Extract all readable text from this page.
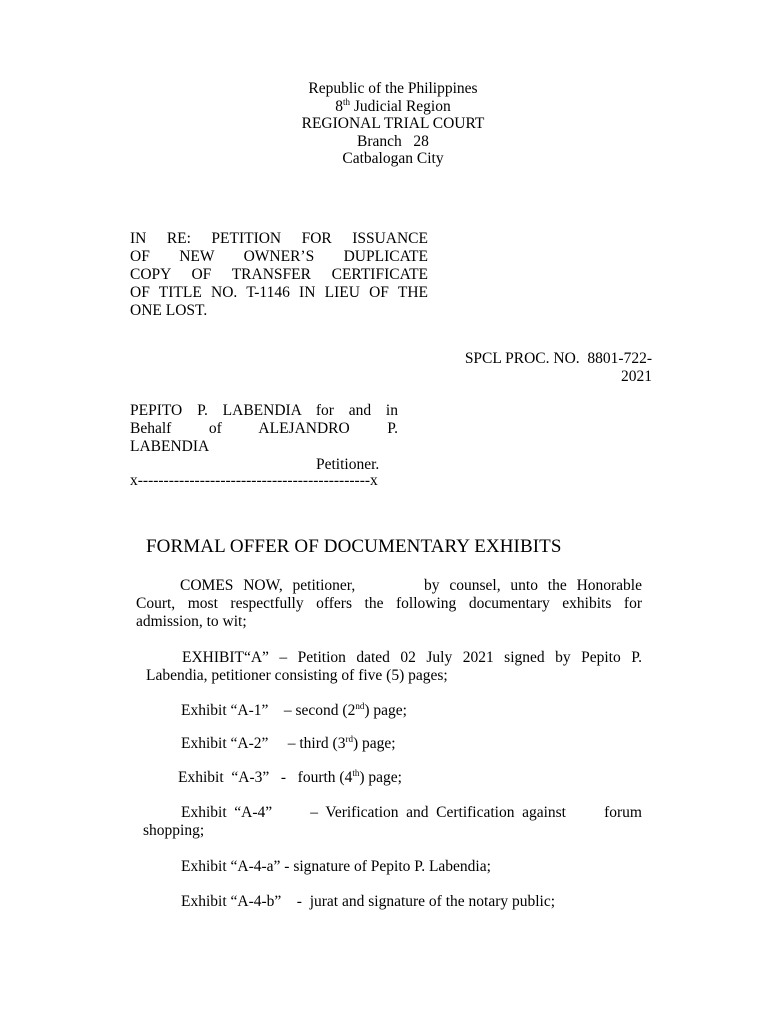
Republic of the Philippines
8th Judicial Region
REGIONAL TRIAL COURT
Branch   28
Catbalogan City
IN RE: PETITION FOR ISSUANCE
OF NEW OWNER’S DUPLICATE
COPY OF TRANSFER CERTIFICATE
OF TITLE NO. T-1146 IN LIEU OF THE
ONE LOST.
SPCL PROC. NO.  8801-722-
2021
PEPITO P. LABENDIA for and in
Behalf of ALEJANDRO P.
LABENDIA
Petitioner.
x---------------------------------------------x
FORMAL OFFER OF DOCUMENTARY EXHIBITS
COMES NOW, petitioner,       by counsel, unto the Honorable
Court, most respectfully offers the following documentary exhibits for
admission, to wit;
EXHIBIT“A” – Petition dated 02 July 2021 signed by Pepito P.
Labendia, petitioner consisting of five (5) pages;
Exhibit “A-1”    – second (2nd) page;
Exhibit “A-2”     – third (3rd) page;
Exhibit  “A-3”   -   fourth (4th) page;
Exhibit “A-4”     – Verification and Certification against     forum
shopping;
Exhibit “A-4-a” - signature of Pepito P. Labendia;
Exhibit “A-4-b”    -  jurat and signature of the notary public;
